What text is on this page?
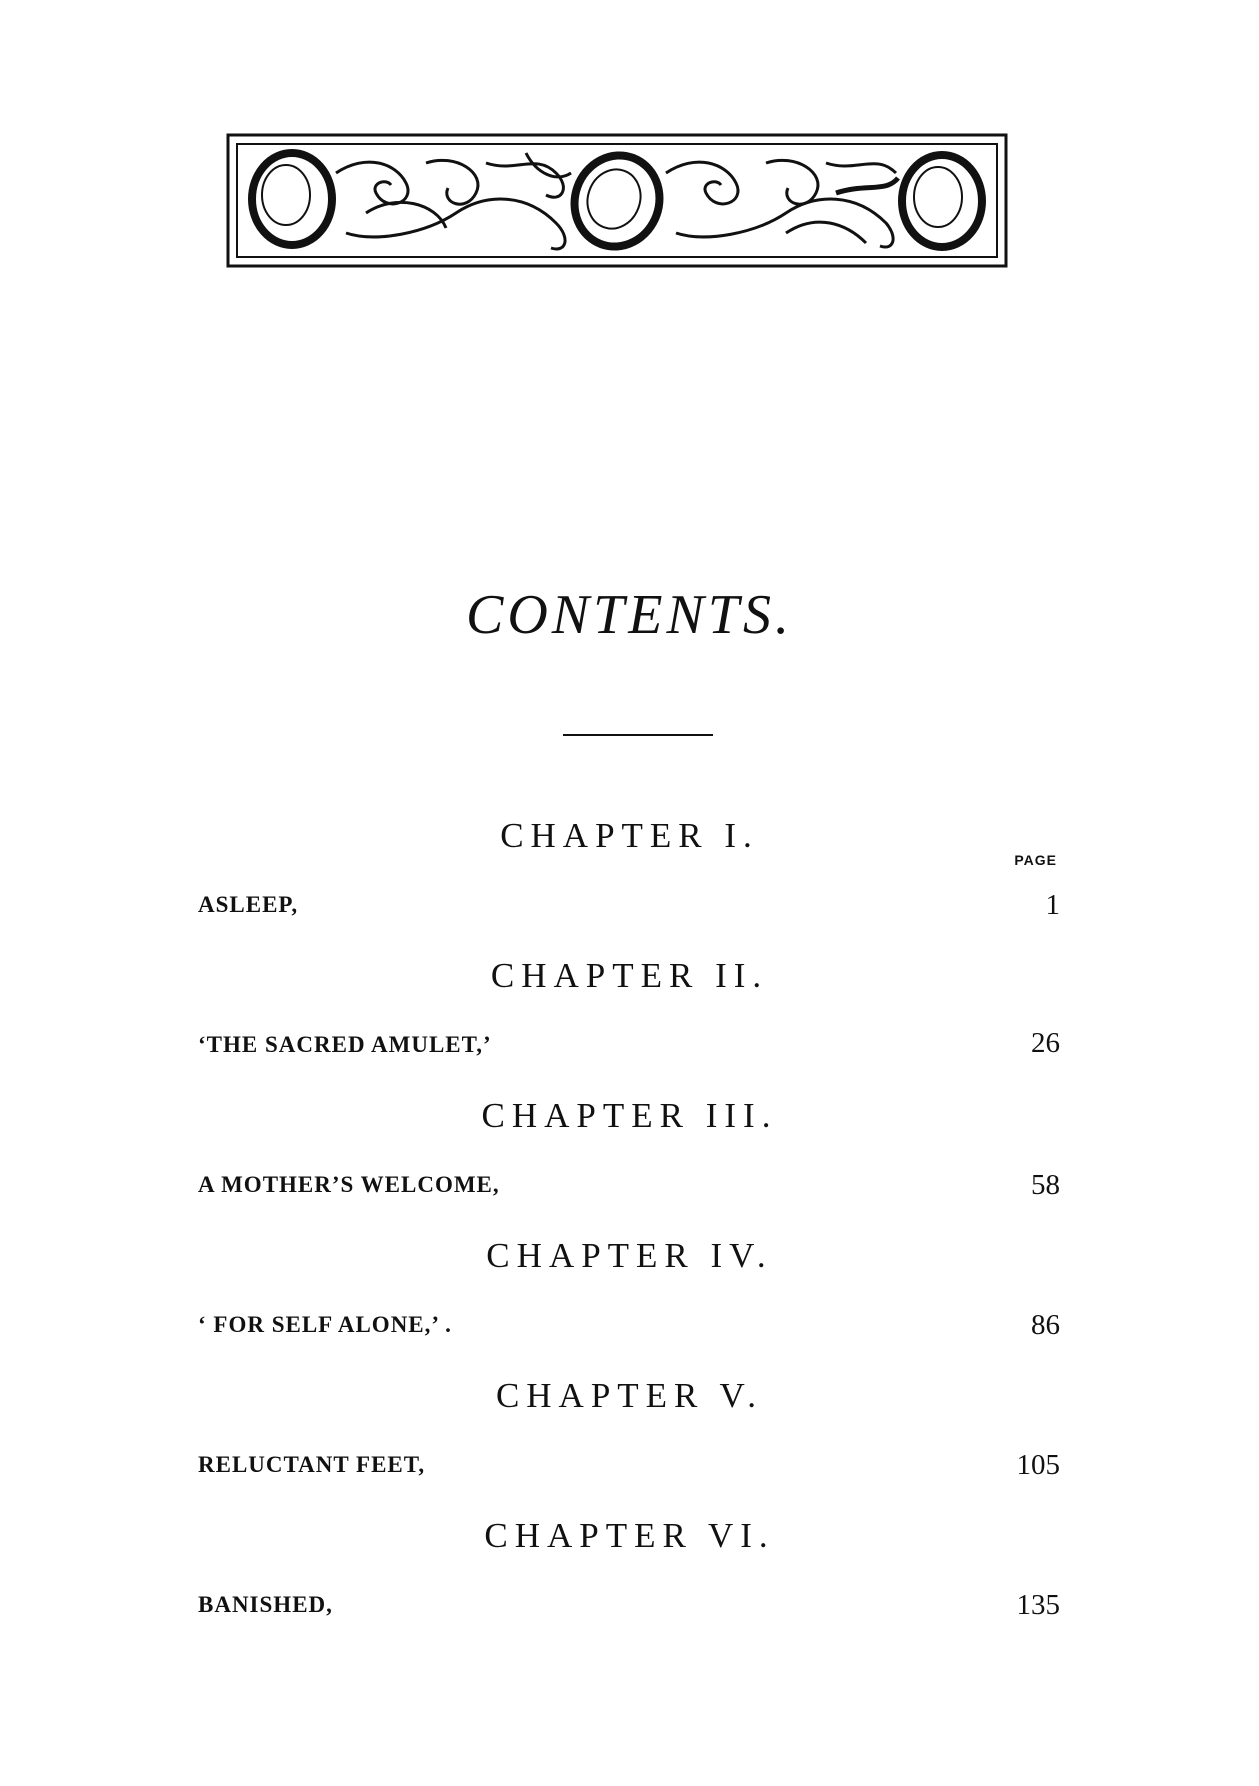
CONTENTS.
PAGE
CHAPTER I.
ASLEEP,	1
CHAPTER II.
‘THE SACRED AMULET,’	26
CHAPTER III.
A MOTHER’S WELCOME,	58
CHAPTER IV.
‘ FOR SELF ALONE,’ .	86
CHAPTER V.
RELUCTANT FEET,	105
CHAPTER VI.
BANISHED,	135
